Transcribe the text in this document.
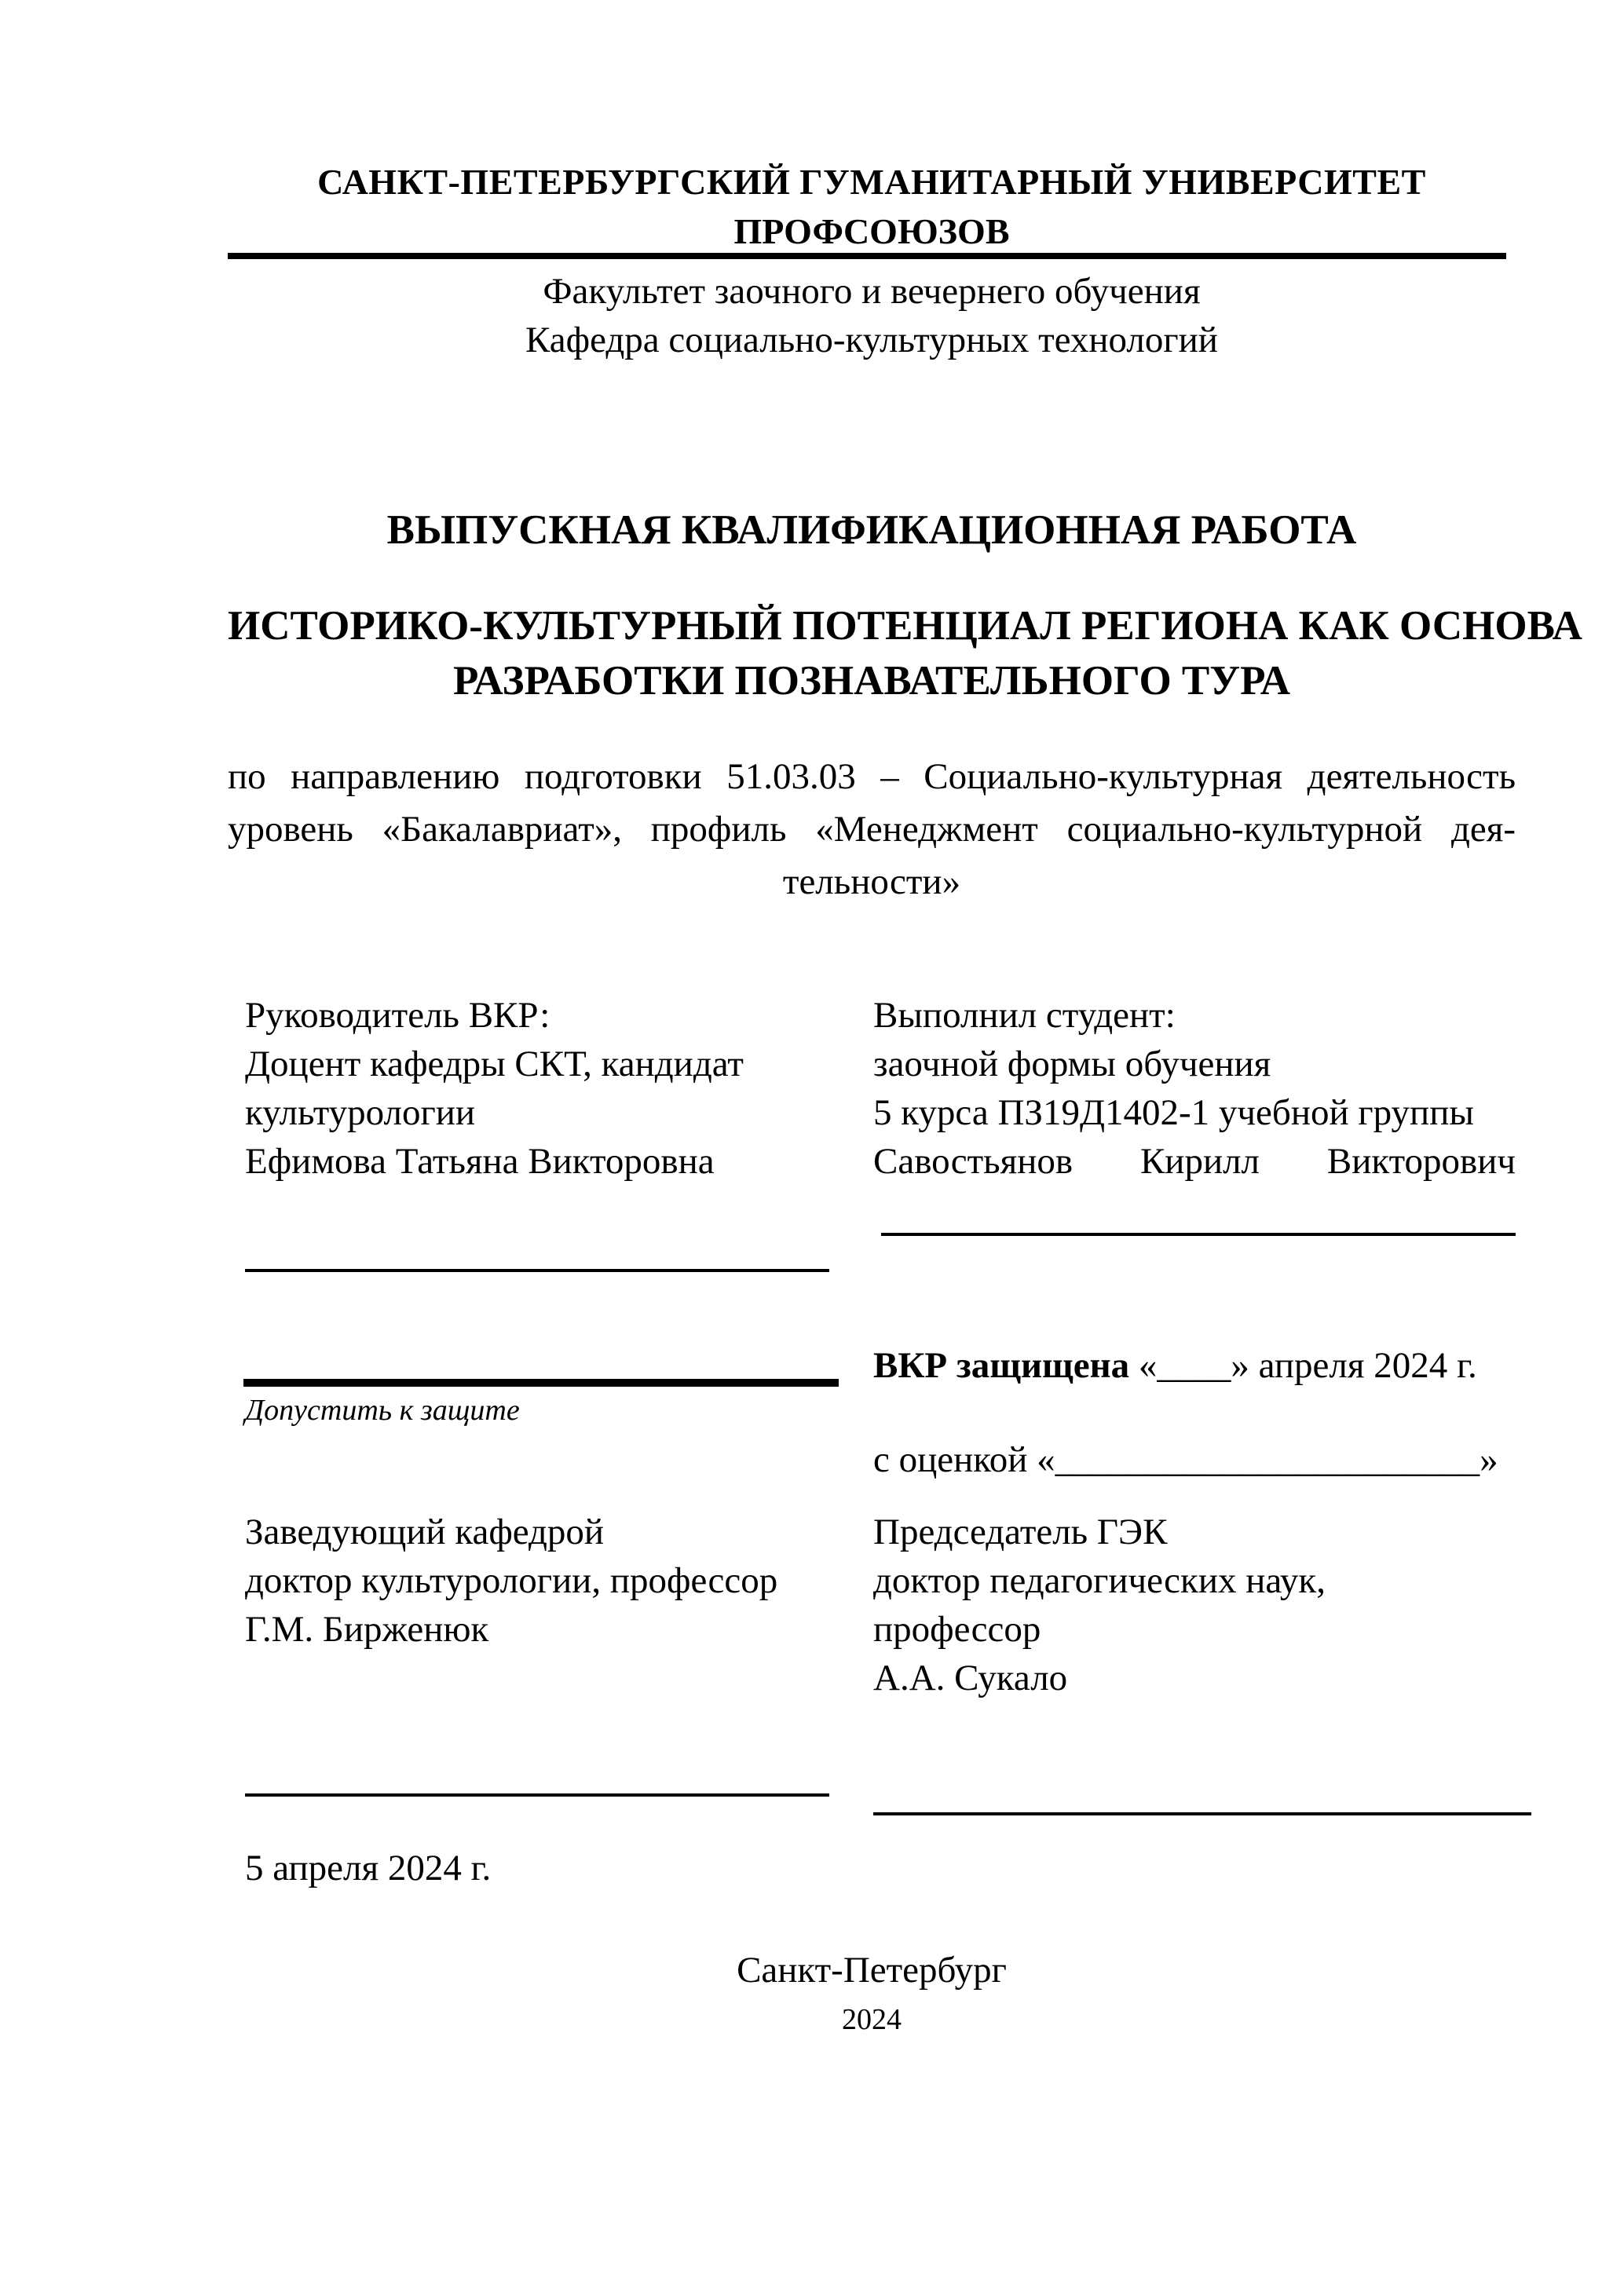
САНКТ-ПЕТЕРБУРГСКИЙ ГУМАНИТАРНЫЙ УНИВЕРСИТЕТ
ПРОФСОЮЗОВ
Факультет заочного и вечернего обучения
Кафедра социально-культурных технологий
ВЫПУСКНАЯ КВАЛИФИКАЦИОННАЯ РАБОТА
ИСТОРИКО-КУЛЬТУРНЫЙ ПОТЕНЦИАЛ РЕГИОНА КАК ОСНОВА
РАЗРАБОТКИ ПОЗНАВАТЕЛЬНОГО ТУРА
по направлению подготовки 51.03.03 – Социально-культурная деятельность
уровень «Бакалавриат», профиль «Менеджмент социально-культурной дея-
тельности»
Руководитель ВКР:
Доцент кафедры СКТ, кандидат
культурологии
Ефимова Татьяна Викторовна
Выполнил студент:
заочной формы обучения
5 курса ПЗ19Д1402-1 учебной группы
Савостьянов Кирилл Викторович
ВКР защищена «____» апреля 2024 г.
Допустить к защите
с оценкой «_______________________»
Заведующий кафедрой
доктор культурологии, профессор
Г.М. Бирженюк
Председатель ГЭК
доктор педагогических наук,
профессор
А.А. Сукало
5 апреля 2024 г.
Санкт-Петербург
2024
